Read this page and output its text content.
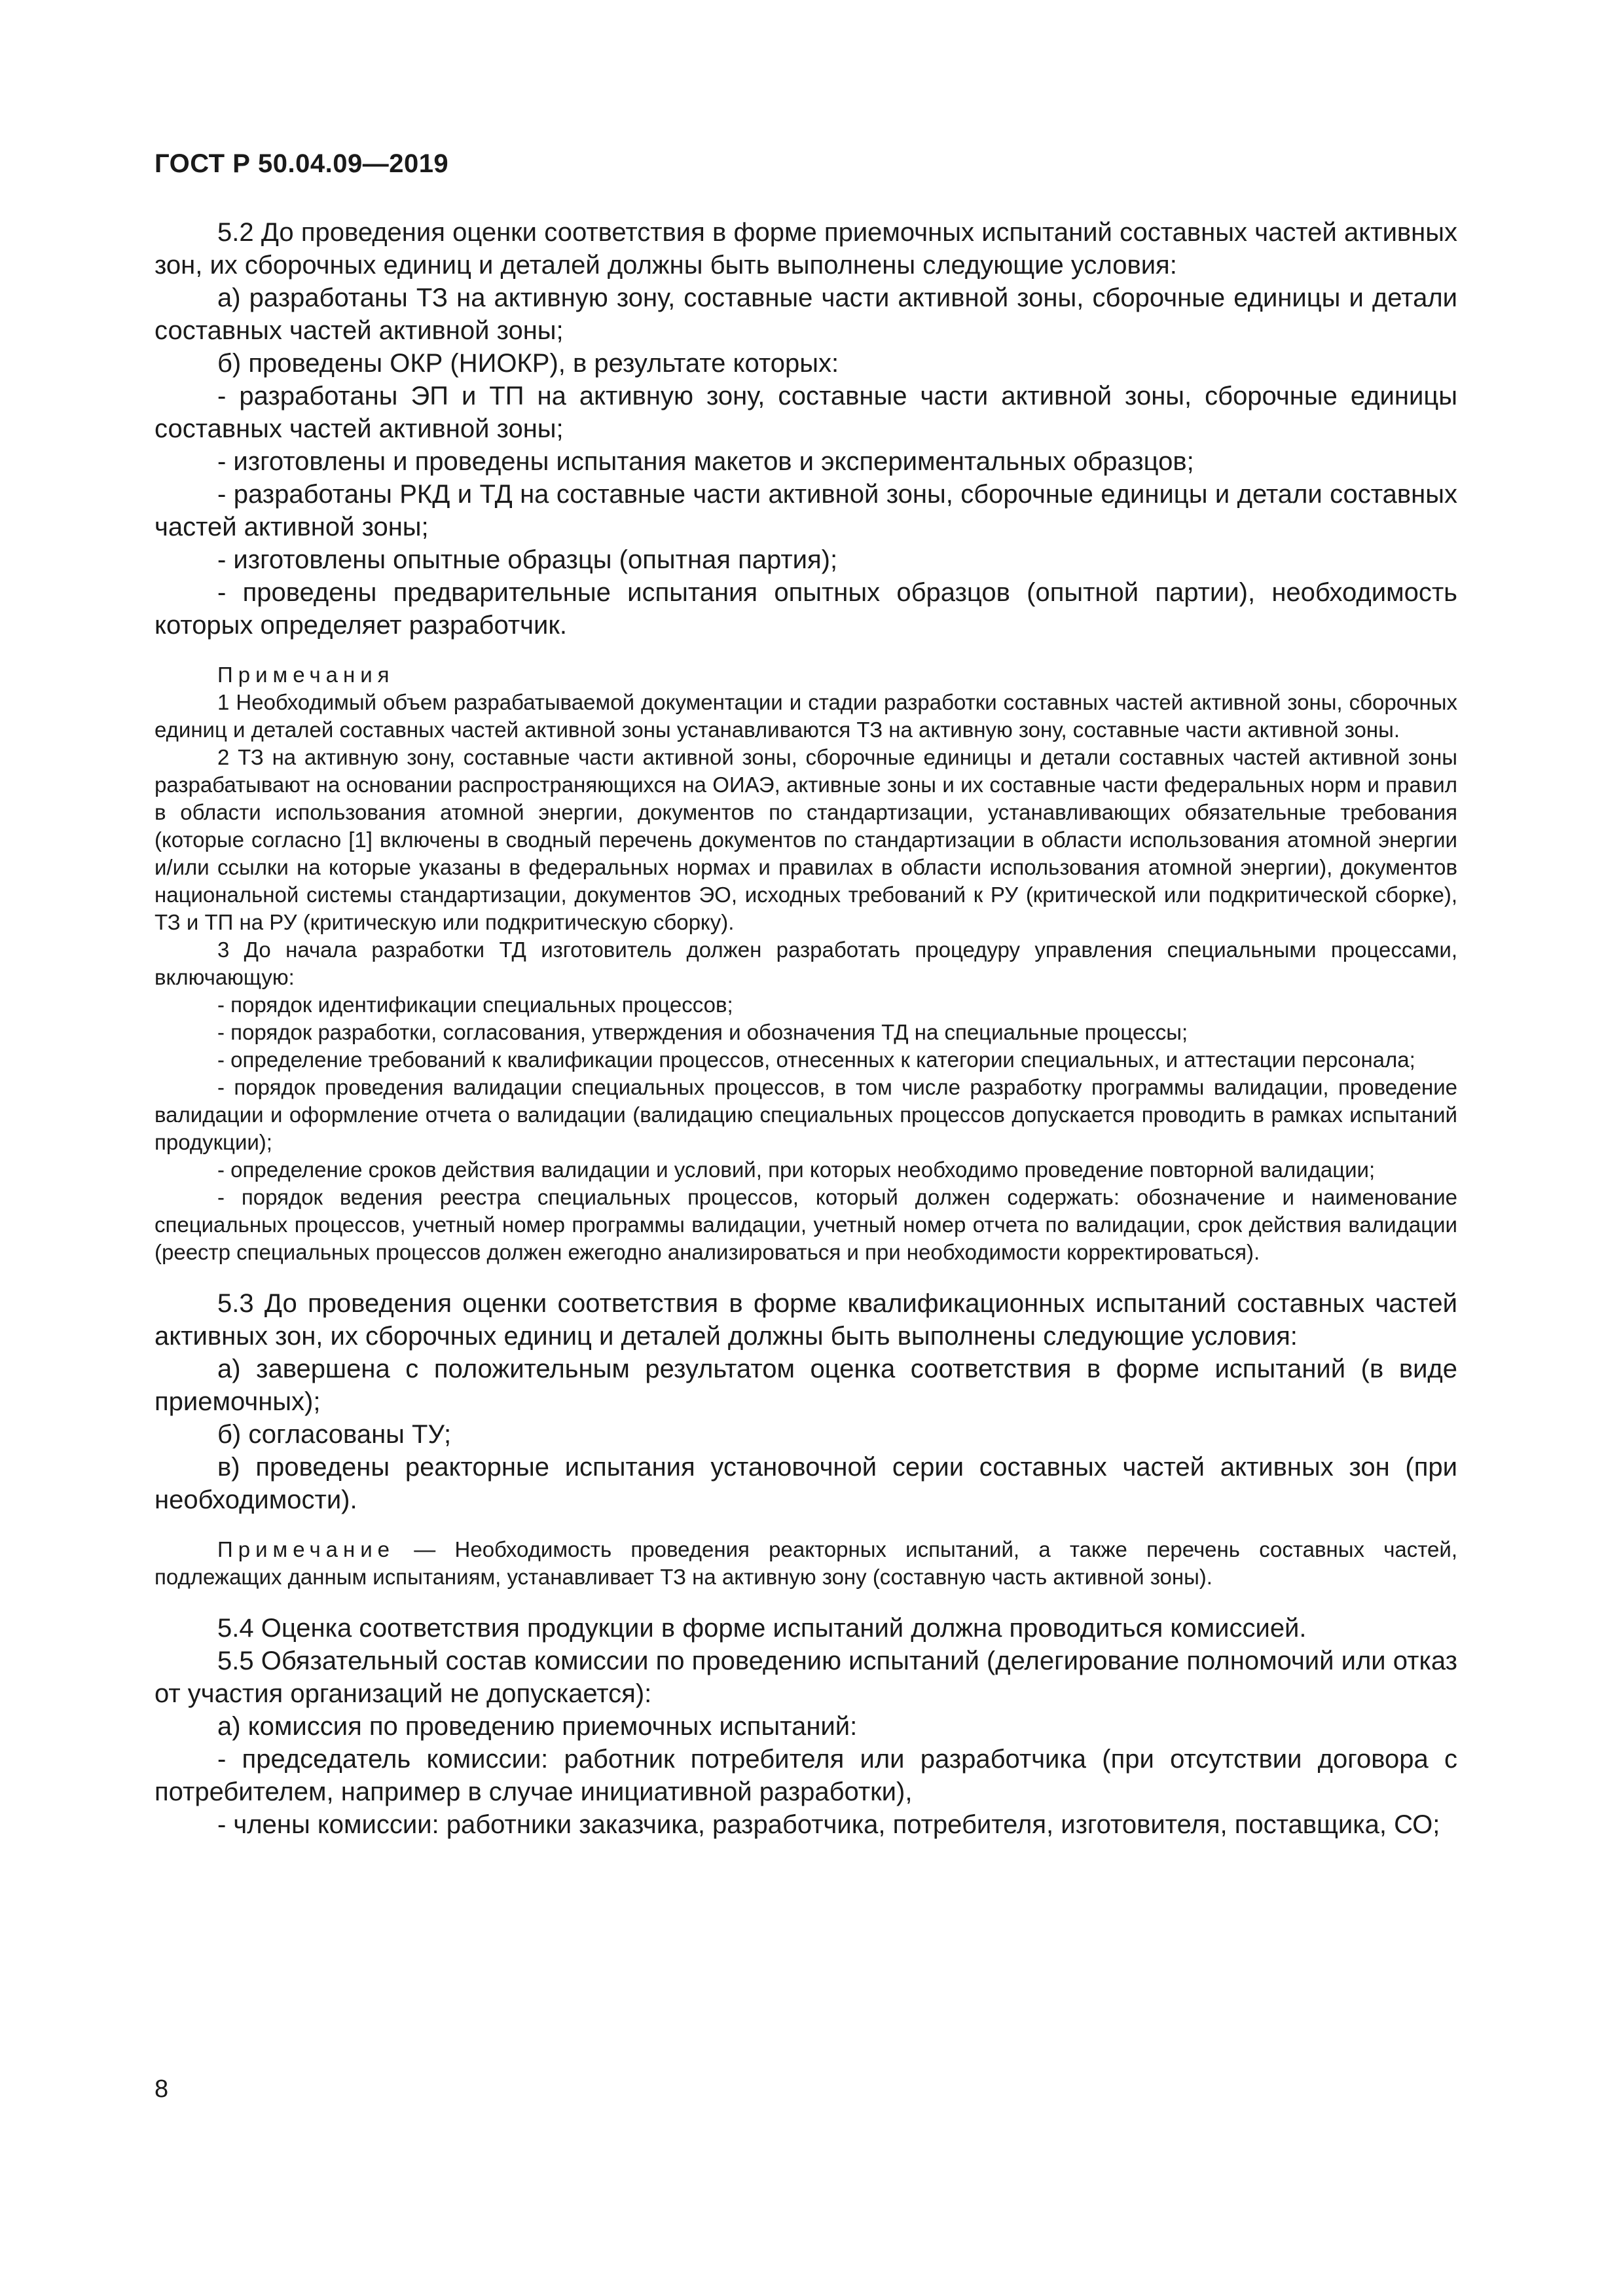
ГОСТ Р 50.04.09—2019

5.2 До проведения оценки соответствия в форме приемочных испытаний составных частей активных зон, их сборочных единиц и деталей должны быть выполнены следующие условия:

а) разработаны ТЗ на активную зону, составные части активной зоны, сборочные единицы и детали составных частей активной зоны;

б) проведены ОКР (НИОКР), в результате которых:

- разработаны ЭП и ТП на активную зону, составные части активной зоны, сборочные единицы составных частей активной зоны;

- изготовлены и проведены испытания макетов и экспериментальных образцов;

- разработаны РКД и ТД на составные части активной зоны, сборочные единицы и детали составных частей активной зоны;

- изготовлены опытные образцы (опытная партия);

- проведены предварительные испытания опытных образцов (опытной партии), необходимость которых определяет разработчик.

Примечания

1 Необходимый объем разрабатываемой документации и стадии разработки составных частей активной зоны, сборочных единиц и деталей составных частей активной зоны устанавливаются ТЗ на активную зону, составные части активной зоны.

2 ТЗ на активную зону, составные части активной зоны, сборочные единицы и детали составных частей активной зоны разрабатывают на основании распространяющихся на ОИАЭ, активные зоны и их составные части федеральных норм и правил в области использования атомной энергии, документов по стандартизации, устанавливающих обязательные требования (которые согласно [1] включены в сводный перечень документов по стандартизации в области использования атомной энергии и/или ссылки на которые указаны в федеральных нормах и правилах в области использования атомной энергии), документов национальной системы стандартизации, документов ЭО, исходных требований к РУ (критической или подкритической сборке), ТЗ и ТП на РУ (критическую или подкритическую сборку).

3 До начала разработки ТД изготовитель должен разработать процедуру управления специальными процессами, включающую:

- порядок идентификации специальных процессов;

- порядок разработки, согласования, утверждения и обозначения ТД на специальные процессы;

- определение требований к квалификации процессов, отнесенных к категории специальных, и аттестации персонала;

- порядок проведения валидации специальных процессов, в том числе разработку программы валидации, проведение валидации и оформление отчета о валидации (валидацию специальных процессов допускается проводить в рамках испытаний продукции);

- определение сроков действия валидации и условий, при которых необходимо проведение повторной валидации;

- порядок ведения реестра специальных процессов, который должен содержать: обозначение и наименование специальных процессов, учетный номер программы валидации, учетный номер отчета по валидации, срок действия валидации (реестр специальных процессов должен ежегодно анализироваться и при необходимости корректироваться).

5.3 До проведения оценки соответствия в форме квалификационных испытаний составных частей активных зон, их сборочных единиц и деталей должны быть выполнены следующие условия:

а) завершена с положительным результатом оценка соответствия в форме испытаний (в виде приемочных);

б) согласованы ТУ;

в) проведены реакторные испытания установочной серии составных частей активных зон (при необходимости).

Примечание — Необходимость проведения реакторных испытаний, а также перечень составных частей, подлежащих данным испытаниям, устанавливает ТЗ на активную зону (составную часть активной зоны).

5.4 Оценка соответствия продукции в форме испытаний должна проводиться комиссией.

5.5 Обязательный состав комиссии по проведению испытаний (делегирование полномочий или отказ от участия организаций не допускается):

а) комиссия по проведению приемочных испытаний:

- председатель комиссии: работник потребителя или разработчика (при отсутствии договора с потребителем, например в случае инициативной разработки),

- члены комиссии: работники заказчика, разработчика, потребителя, изготовителя, поставщика, СО;

8
